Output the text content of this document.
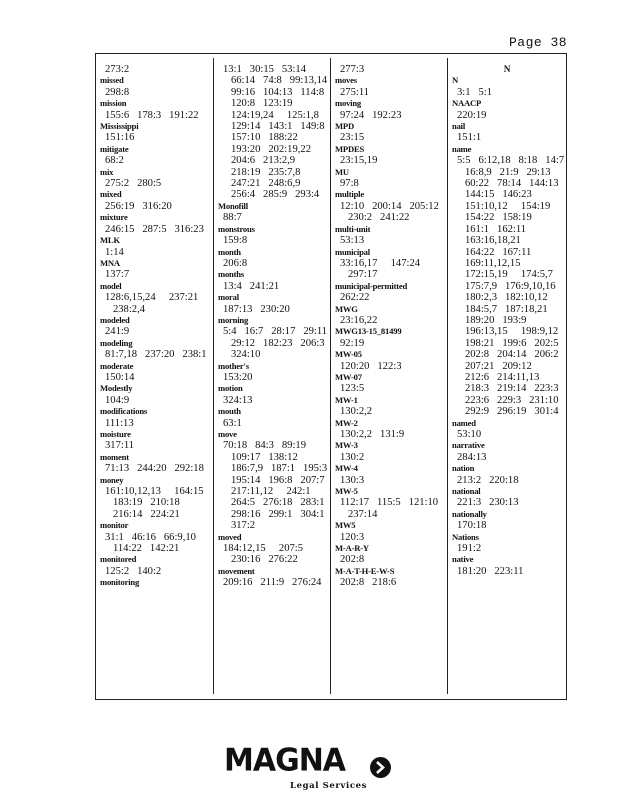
Page 38
273:2
missed
298:8
mission
155:6   178:3   191:22
Mississippi
151:16
mitigate
68:2
mix
275:2   280:5
mixed
256:19   316:20
mixture
246:15   287:5   316:23
MLK
1:14
MNA
137:7
model
128:6,15,24     237:21
238:2,4
modeled
241:9
modeling
81:7,18   237:20   238:1
moderate
150:14
Modestly
104:9
modifications
111:13
moisture
317:11
moment
71:13   244:20   292:18
money
161:10,12,13     164:15
183:19   210:18
216:14   224:21
monitor
31:1   46:16   66:9,10
114:22   142:21
monitored
125:2   140:2
monitoring
13:1   30:15   53:14
66:14   74:8   99:13,14
99:16   104:13   114:8
120:8   123:19
124:19,24     125:1,8
129:14   143:1   149:8
157:10   188:22
193:20   202:19,22
204:6   213:2,9
218:19   235:7,8
247:21   248:6,9
256:4   285:9   293:4
Monofill
88:7
monstrous
159:8
month
206:8
months
13:4   241:21
moral
187:13   230:20
morning
5:4   16:7   28:17   29:11
29:12   182:23   206:3
324:10
mother's
153:20
motion
324:13
mouth
63:1
move
70:18   84:3   89:19
109:17   138:12
186:7,9   187:1   195:3
195:14   196:8   207:7
217:11,12     242:1
264:5   276:18   283:1
298:16   299:1   304:1
317:2
moved
184:12,15     207:5
230:16   276:22
movement
209:16   211:9   276:24
277:3
moves
275:11
moving
97:24   192:23
MPD
23:15
MPDES
23:15,19
MU
97:8
multiple
12:10   200:14   205:12
230:2   241:22
multi-unit
53:13
municipal
33:16,17     147:24
297:17
municipal-permitted
262:22
MWG
23:16,22
MWG13-15_81499
92:19
MW-05
120:20   122:3
MW-07
123:5
MW-1
130:2,2
MW-2
130:2,2   131:9
MW-3
130:2
MW-4
130:3
MW-5
112:17   115:5   121:10
237:14
MW5
120:3
M-A-R-Y
202:8
M-A-T-H-E-W-S
202:8   218:6
N
N
3:1   5:1
NAACP
220:19
nail
151:1
name
5:5   6:12,18   8:18   14:7
16:8,9   21:9   29:13
60:22   78:14   144:13
144:15   146:23
151:10,12     154:19
154:22   158:19
161:1   162:11
163:16,18,21
164:22   167:11
169:11,12,15
172:15,19     174:5,7
175:7,9   176:9,10,16
180:2,3   182:10,12
184:5,7   187:18,21
189:20   193:9
196:13,15     198:9,12
198:21   199:6   202:5
202:8   204:14   206:2
207:21   209:12
212:6   214:11,13
218:3   219:14   223:3
223:6   229:3   231:10
292:9   296:19   301:4
named
53:10
narrative
284:13
nation
213:2   220:18
national
221:3   230:13
nationally
170:18
Nations
191:2
native
181:20   223:11
MAGNA
Legal Services
